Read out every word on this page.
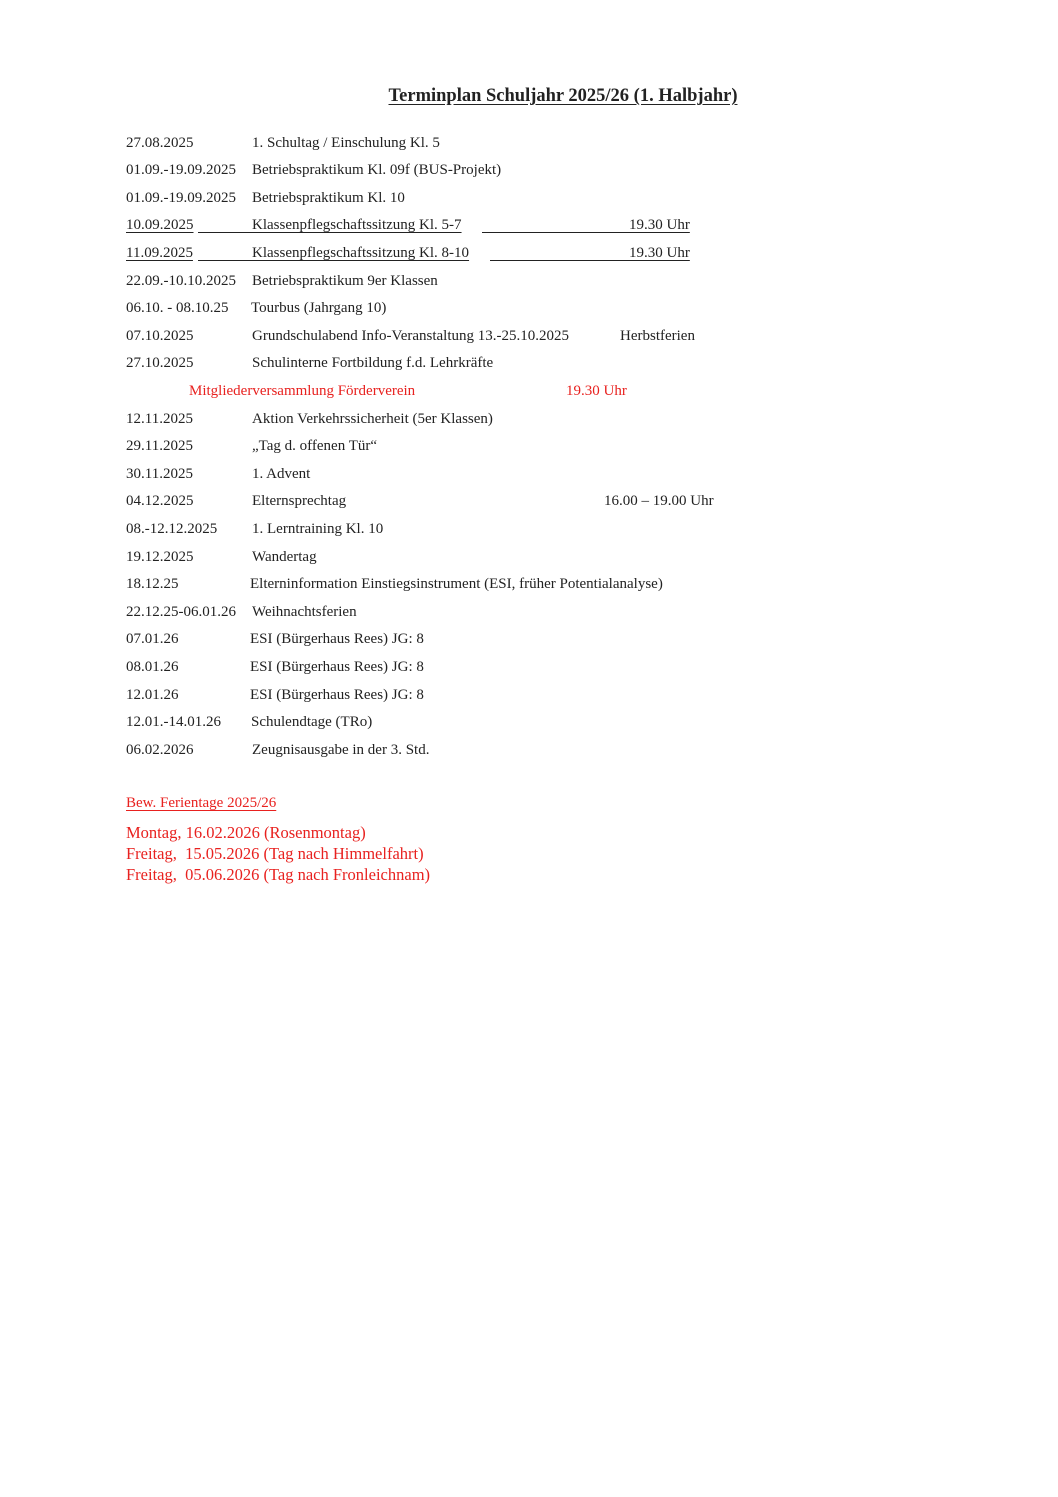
Terminplan Schuljahr 2025/26 (1. Halbjahr)
27.08.2025	1. Schultag / Einschulung Kl. 5
01.09.-19.09.2025 Betriebspraktikum Kl. 09f (BUS-Projekt)
01.09.-19.09.2025 Betriebspraktikum Kl. 10
10.09.2025	Klassenpflegschaftssitzung Kl. 5-7	19.30 Uhr
11.09.2025	Klassenpflegschaftssitzung Kl. 8-10	19.30 Uhr
22.09.-10.10.2025 Betriebspraktikum 9er Klassen
06.10. - 08.10.25 Tourbus (Jahrgang 10)
07.10.2025	Grundschulabend Info-Veranstaltung 13.-25.10.2025	Herbstferien
27.10.2025	Schulinterne Fortbildung f.d. Lehrkräfte
Mitgliederversammlung Förderverein	19.30 Uhr
12.11.2025	Aktion Verkehrssicherheit (5er Klassen)
29.11.2025	„Tag d. offenen Tür“
30.11.2025	1. Advent
04.12.2025	Elternsprechtag	16.00 – 19.00 Uhr
08.-12.12.2025 1. Lerntraining Kl. 10
19.12.2025	Wandertag
18.12.25	Elterninformation Einstiegsinstrument (ESI, früher Potentialanalyse)
22.12.25-06.01.26 Weihnachtsferien
07.01.26	ESI (Bürgerhaus Rees) JG: 8
08.01.26	ESI (Bürgerhaus Rees) JG: 8
12.01.26	ESI (Bürgerhaus Rees) JG: 8
12.01.-14.01.26 Schulendtage (TRo)
06.02.2026	Zeugnisausgabe in der 3. Std.
Bew. Ferientage 2025/26
Montag, 16.02.2026 (Rosenmontag)
Freitag,  15.05.2026 (Tag nach Himmelfahrt)
Freitag,  05.06.2026 (Tag nach Fronleichnam)
